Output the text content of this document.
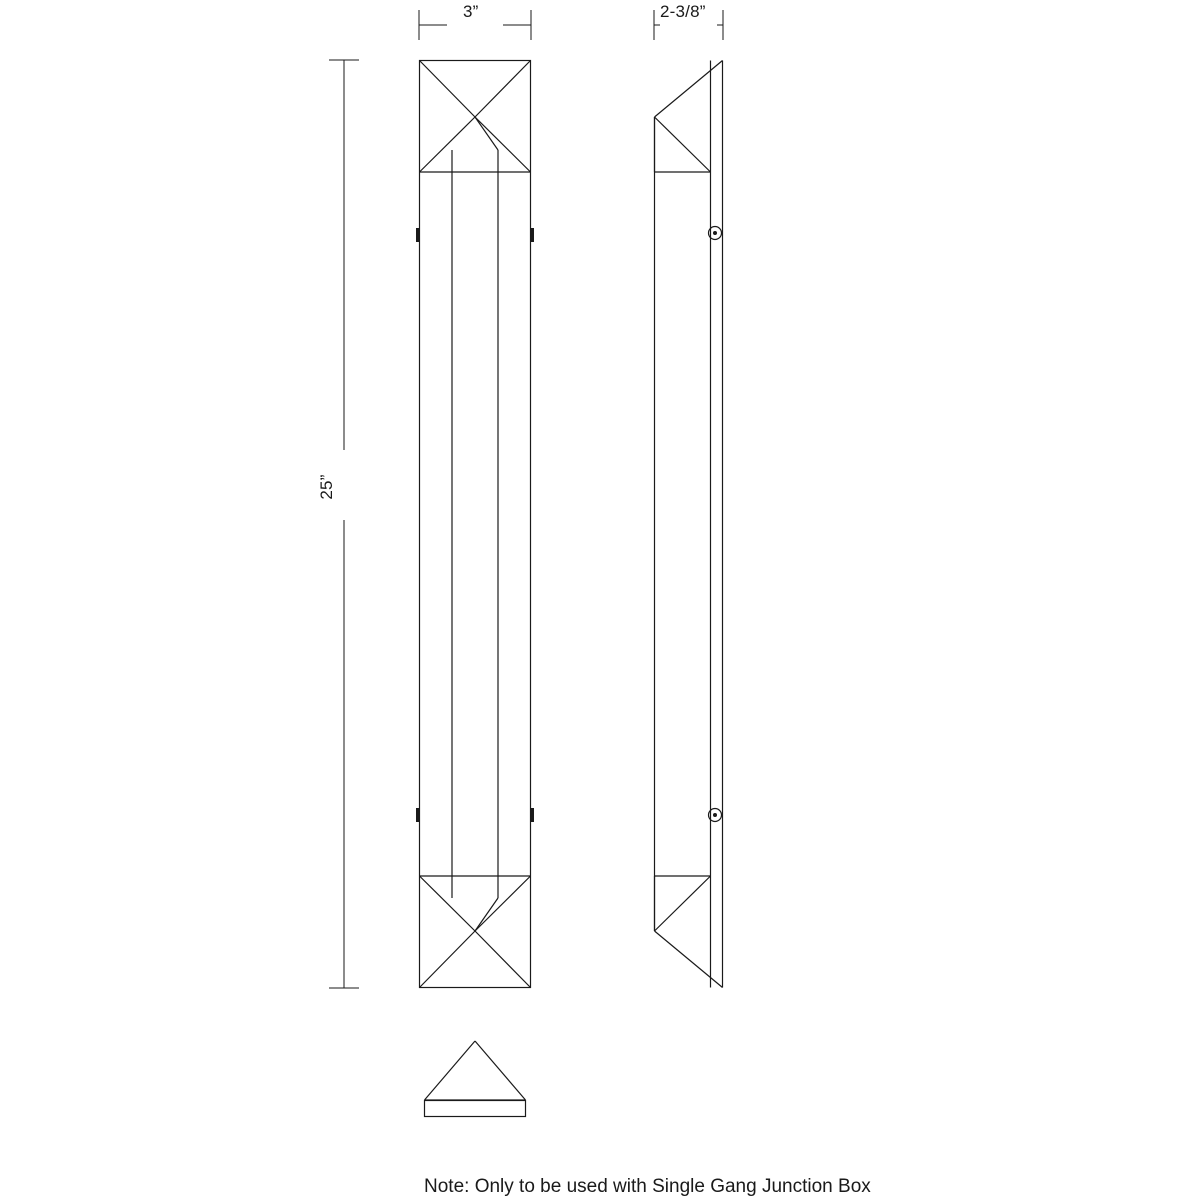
3”	2-3/8”
25”
Note: Only to be used with Single Gang Junction Box
